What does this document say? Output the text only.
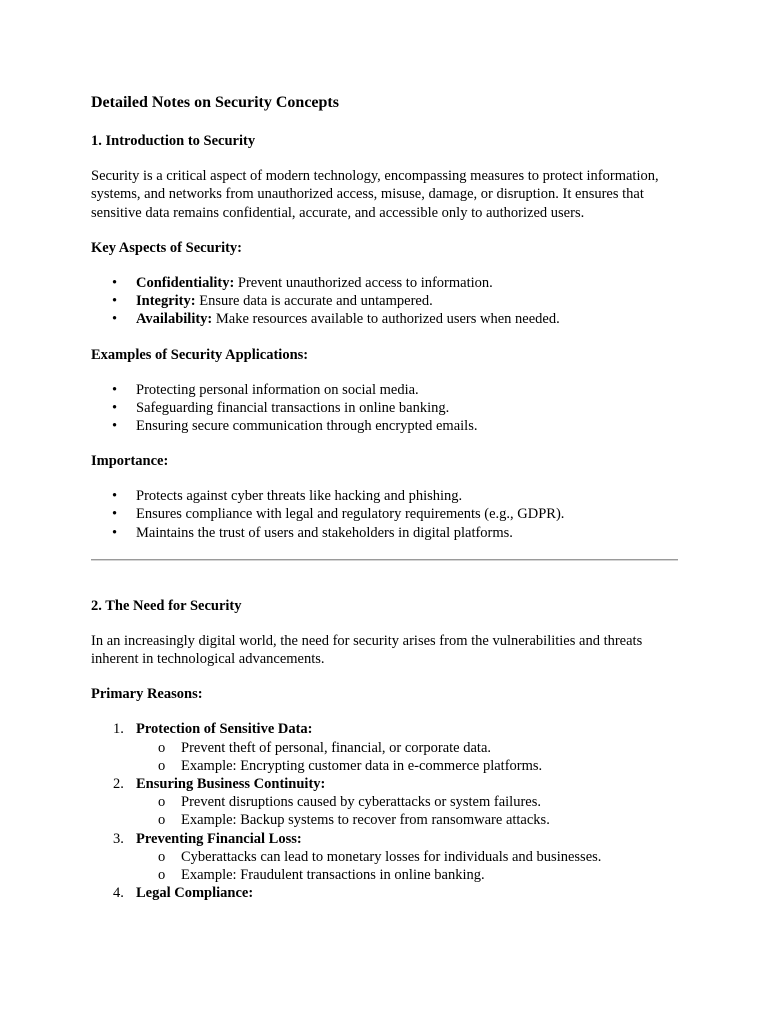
Detailed Notes on Security Concepts
1. Introduction to Security
Security is a critical aspect of modern technology, encompassing measures to protect information, systems, and networks from unauthorized access, misuse, damage, or disruption. It ensures that sensitive data remains confidential, accurate, and accessible only to authorized users.
Key Aspects of Security:
• Confidentiality: Prevent unauthorized access to information.
• Integrity: Ensure data is accurate and untampered.
• Availability: Make resources available to authorized users when needed.
Examples of Security Applications:
• Protecting personal information on social media.
• Safeguarding financial transactions in online banking.
• Ensuring secure communication through encrypted emails.
Importance:
• Protects against cyber threats like hacking and phishing.
• Ensures compliance with legal and regulatory requirements (e.g., GDPR).
• Maintains the trust of users and stakeholders in digital platforms.
2. The Need for Security
In an increasingly digital world, the need for security arises from the vulnerabilities and threats inherent in technological advancements.
Primary Reasons:
1. Protection of Sensitive Data:
o Prevent theft of personal, financial, or corporate data.
o Example: Encrypting customer data in e-commerce platforms.
2. Ensuring Business Continuity:
o Prevent disruptions caused by cyberattacks or system failures.
o Example: Backup systems to recover from ransomware attacks.
3. Preventing Financial Loss:
o Cyberattacks can lead to monetary losses for individuals and businesses.
o Example: Fraudulent transactions in online banking.
4. Legal Compliance:
